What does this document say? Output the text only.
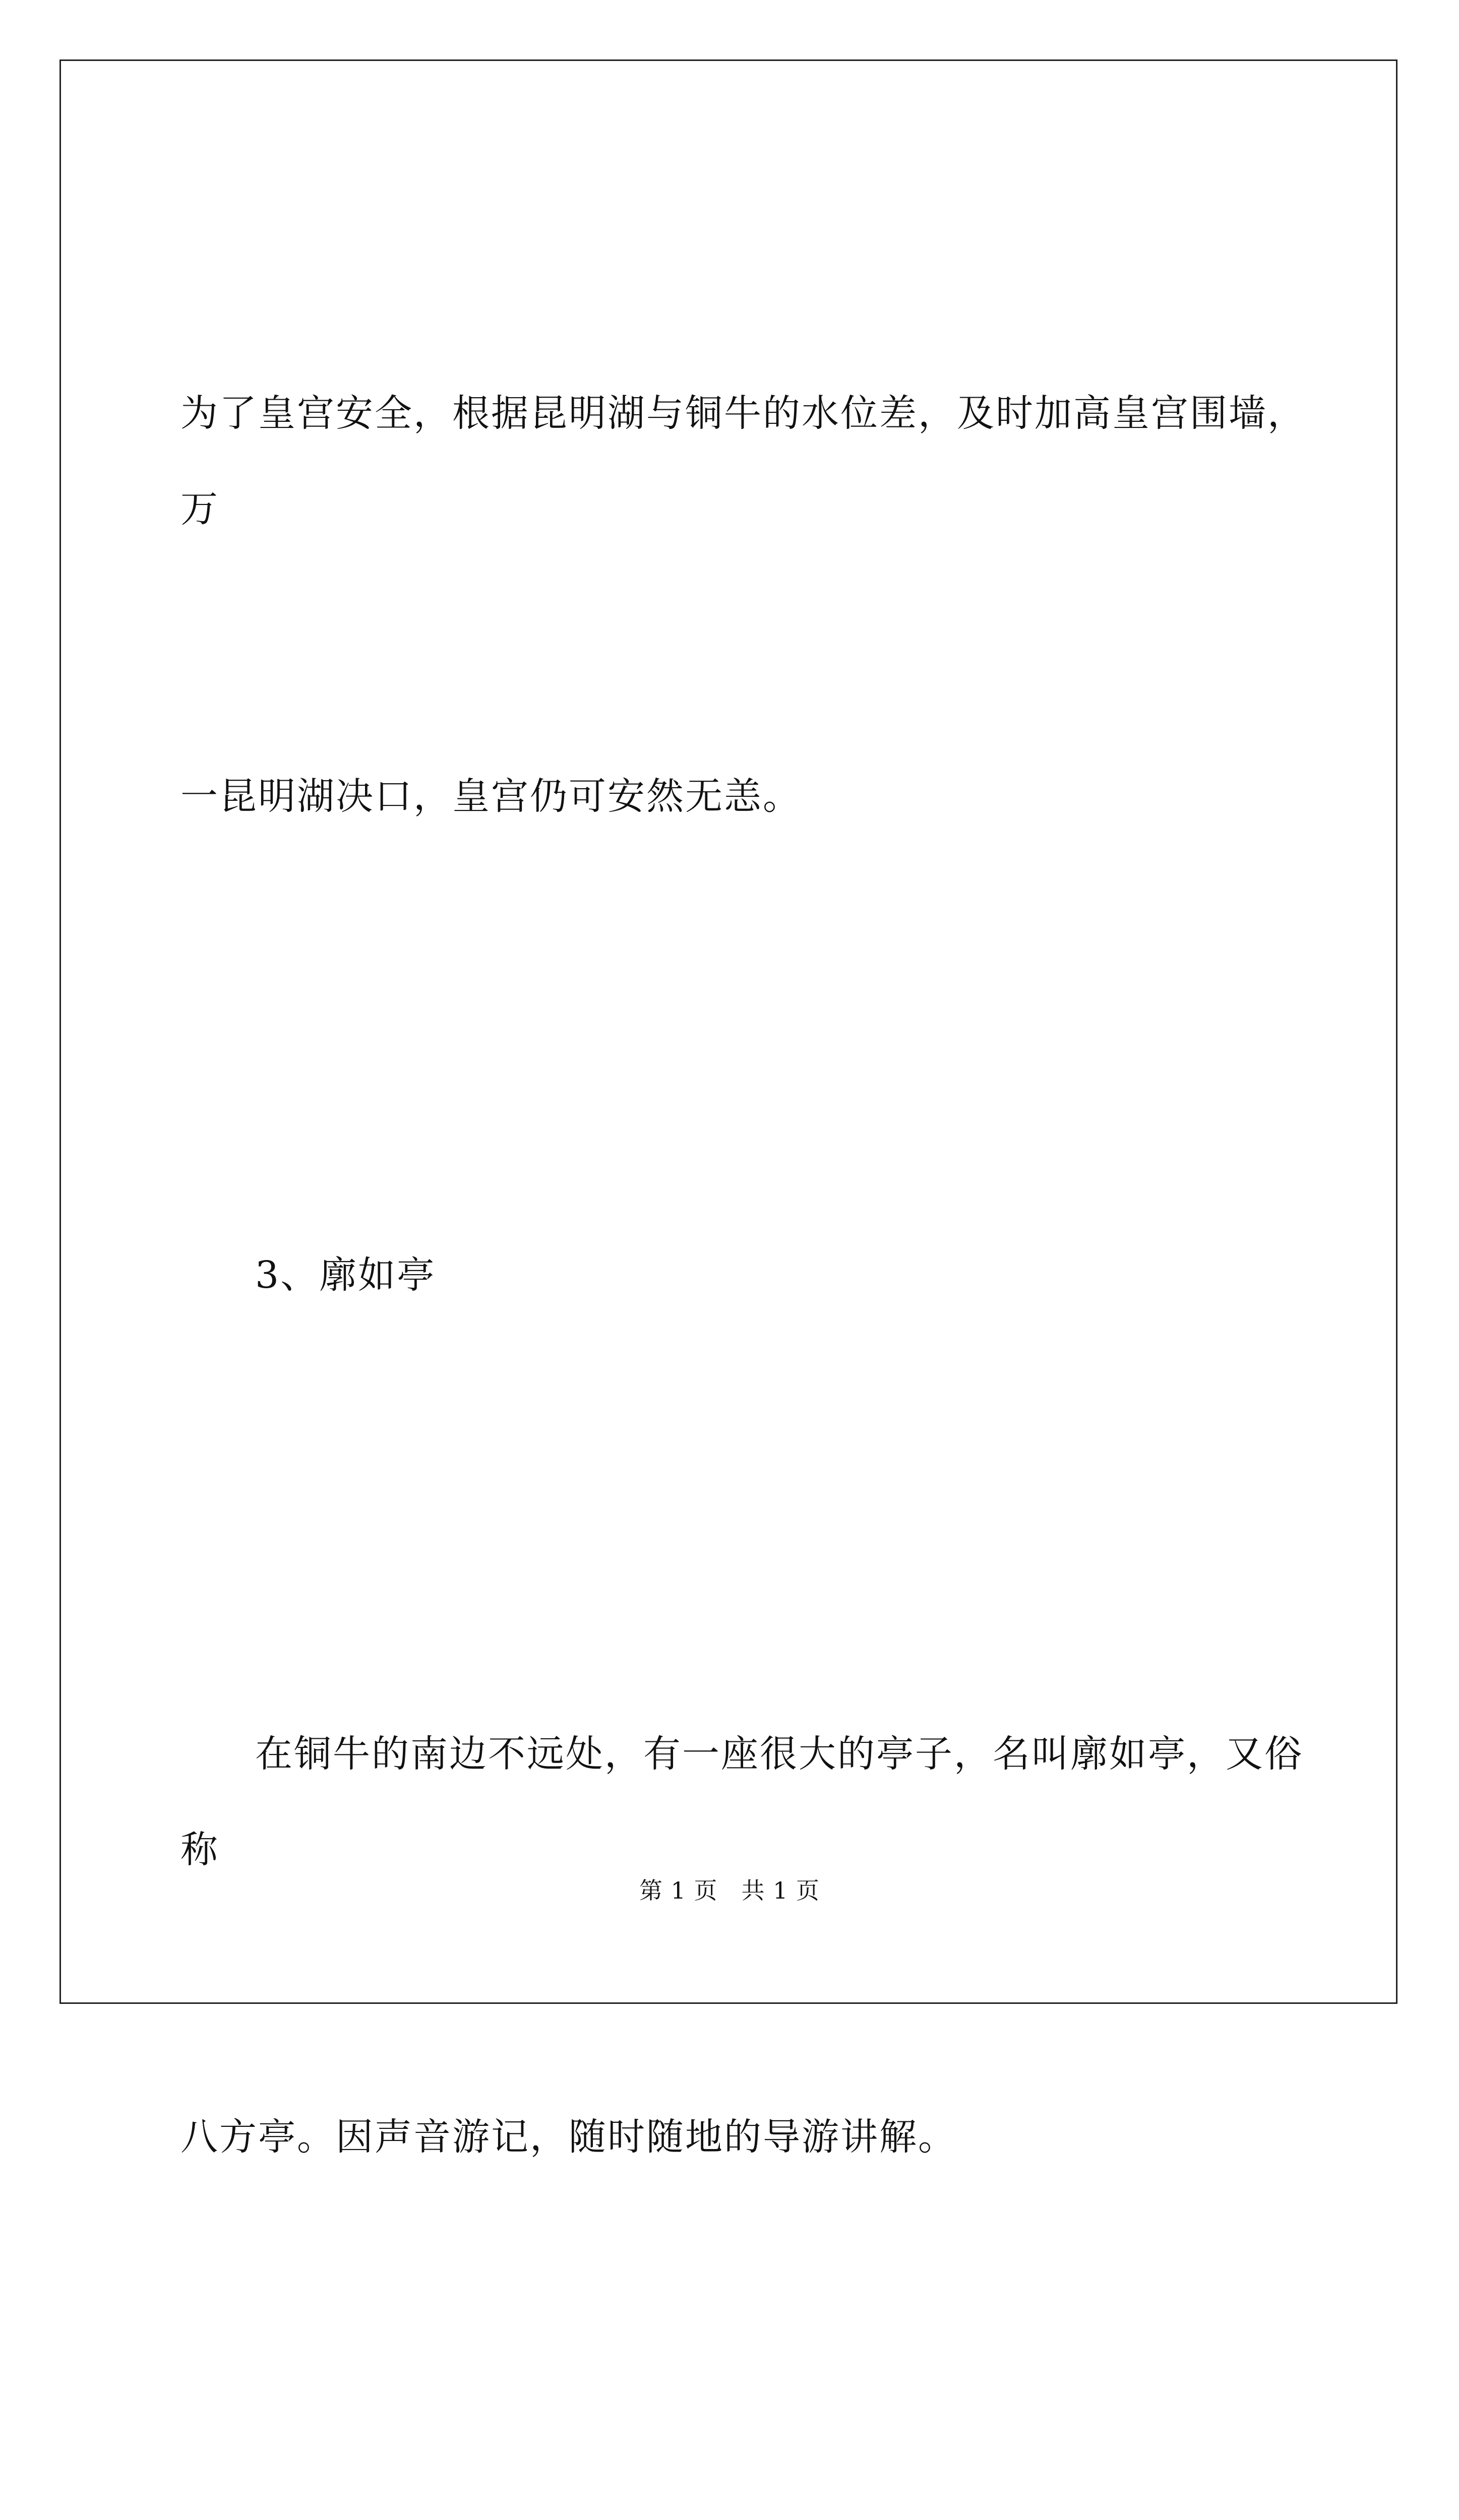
为了皇宫安全，根据昆明湖与铜牛的水位差，及时加高皇宫围墙，万

一昆明湖决口，皇宫仍可安然无恙。

3、廓如亭

在铜牛的南边不远处，有一座很大的亭子，名叫廓如亭，又俗称

八方亭。因声音游记，随时随地的导游讲解。

第 1 页　共 1 页
